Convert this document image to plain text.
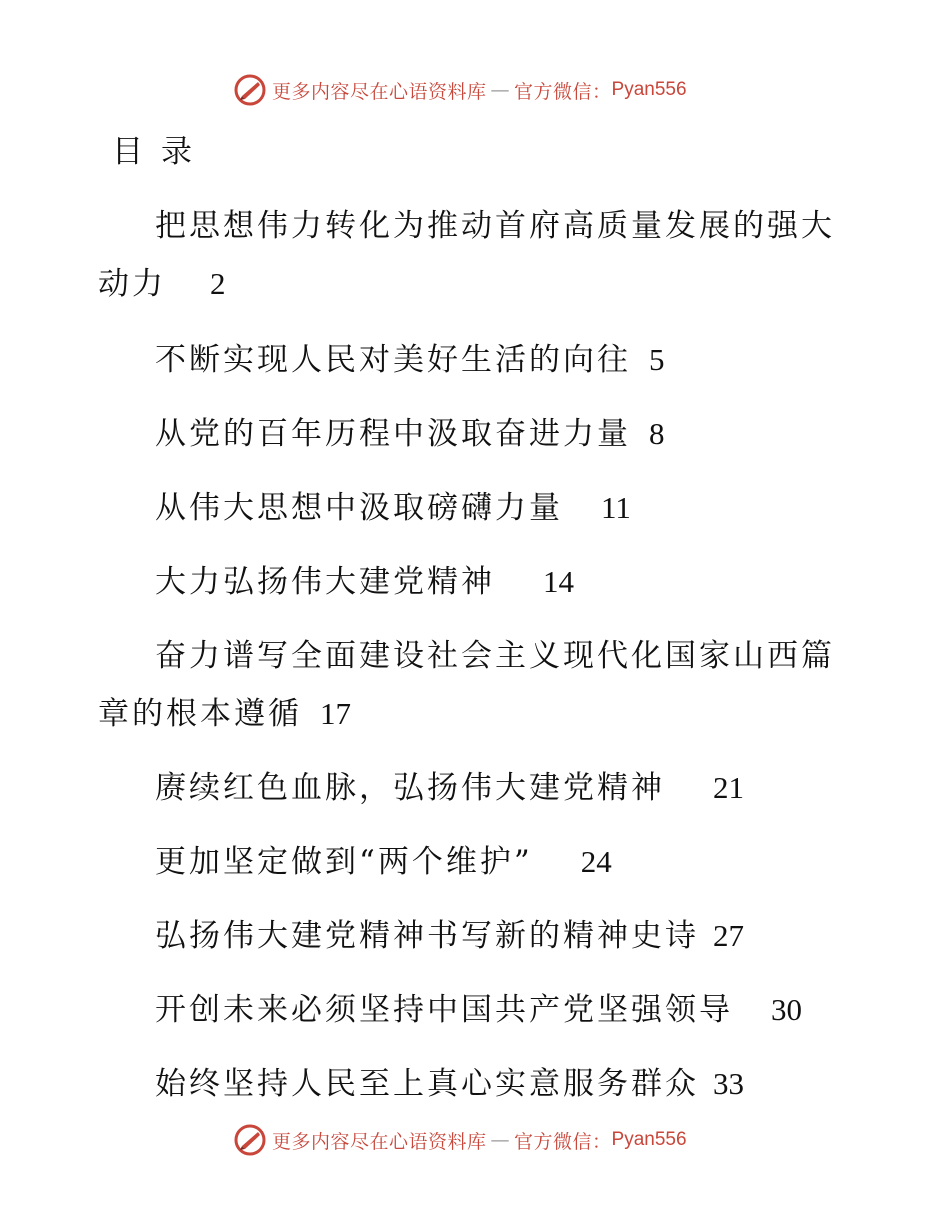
更多内容尽在心语资料库 — 官方微信： Pyan556
目录
把思想伟力转化为推动首府高质量发展的强大
动力 2
不断实现人民对美好生活的向往 5
从党的百年历程中汲取奋进力量 8
从伟大思想中汲取磅礴力量 11
大力弘扬伟大建党精神 14
奋力谱写全面建设社会主义现代化国家山西篇
章的根本遵循 17
赓续红色血脉，弘扬伟大建党精神 21
更加坚定做到“两个维护” 24
弘扬伟大建党精神书写新的精神史诗 27
开创未来必须坚持中国共产党坚强领导 30
始终坚持人民至上真心实意服务群众 33
更多内容尽在心语资料库 — 官方微信： Pyan556
